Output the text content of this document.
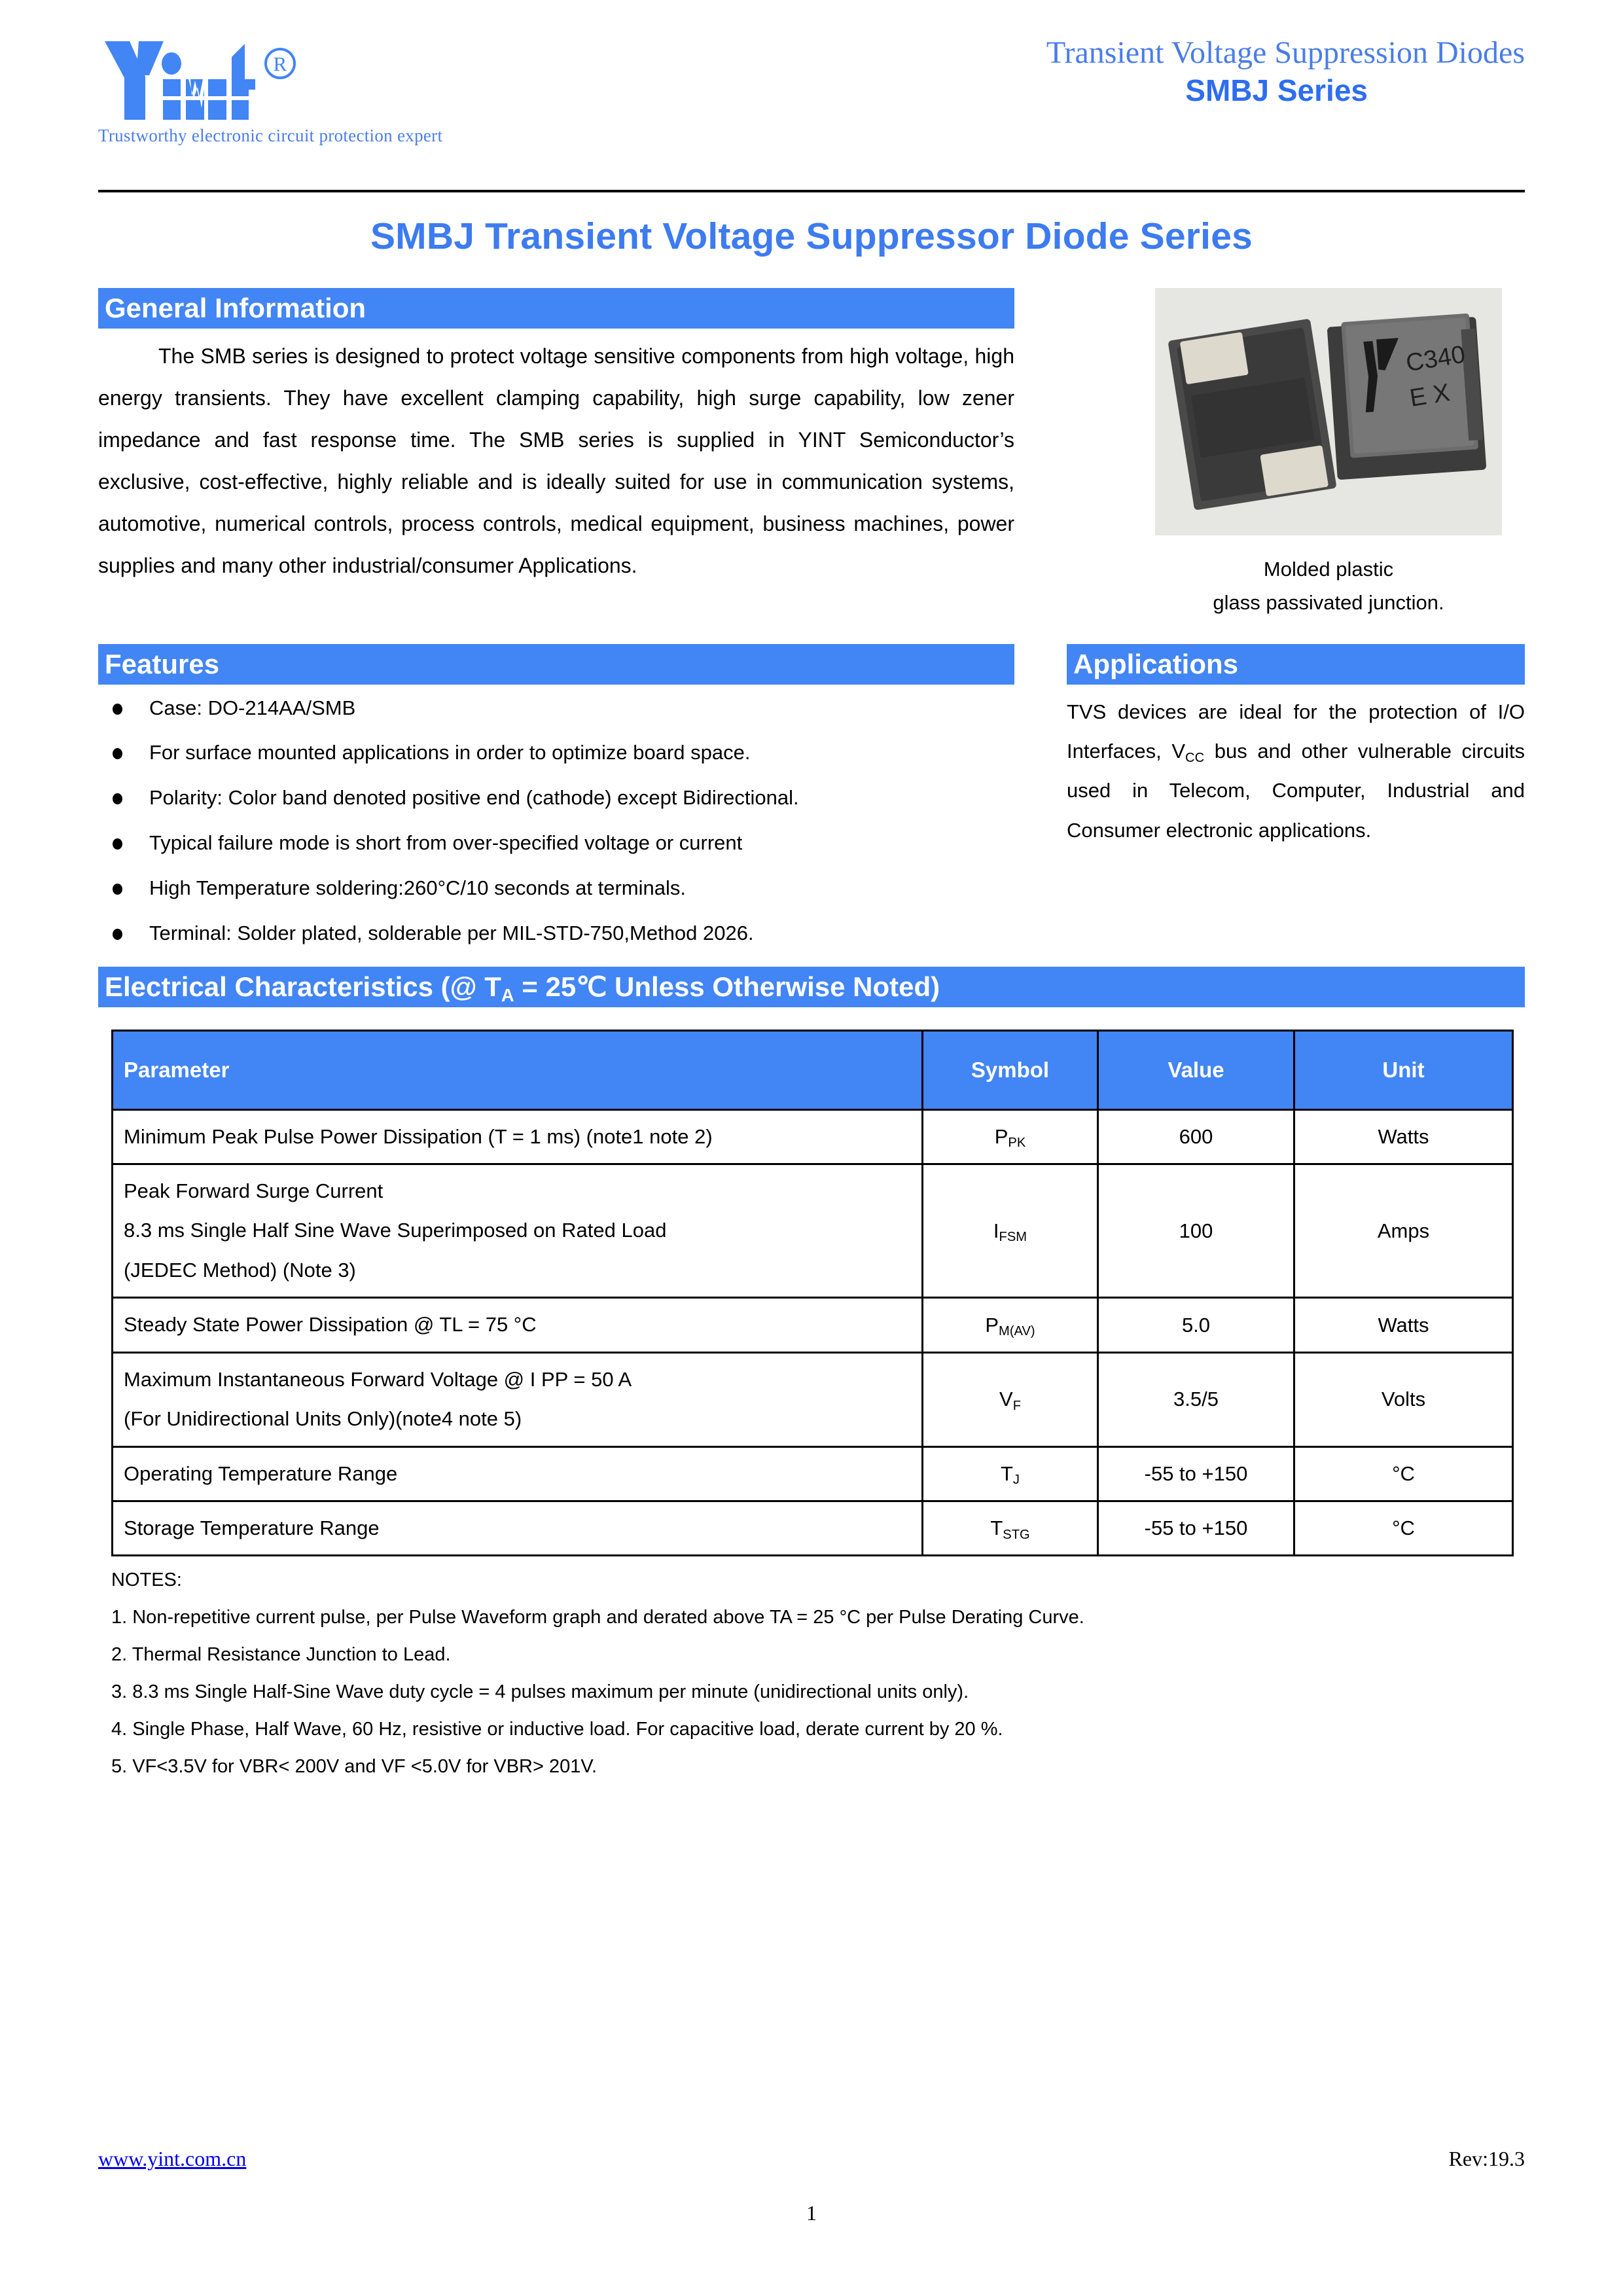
R
Trustworthy electronic circuit protection expert
Transient Voltage Suppression Diodes
SMBJ Series
SMBJ Transient Voltage Suppressor Diode Series
General Information
The SMB series is designed to protect voltage sensitive components from high voltage, high energy transients. They have excellent clamping capability, high surge capability, low zener impedance and fast response time. The SMB series is supplied in YINT Semiconductor’s exclusive, cost-effective, highly reliable and is ideally suited for use in communication systems, automotive, numerical controls, process controls, medical equipment, business machines, power supplies and many other industrial/consumer Applications.
C340
E X
Molded plastic
glass passivated junction.
Features
Case: DO-214AA/SMB
For surface mounted applications in order to optimize board space.
Polarity: Color band denoted positive end (cathode) except Bidirectional.
Typical failure mode is short from over-specified voltage or current
High Temperature soldering:260°C/10 seconds at terminals.
Terminal: Solder plated, solderable per MIL-STD-750,Method 2026.
Applications
TVS devices are ideal for the protection of I/O Interfaces, $V_{CC}$ bus and other vulnerable circuits used in Telecom, Computer, Industrial and Consumer electronic applications.
Electrical Characteristics (@ $T_A$ = 25℃ Unless Otherwise Noted)
Parameter	Symbol	Value	Unit

Minimum Peak Pulse Power Dissipation (T = 1 ms) (note1 note 2)	$P_{PK}$	600	Watts

Peak Forward Surge Current
8.3 ms Single Half Sine Wave Superimposed on Rated Load
(JEDEC Method) (Note 3)	$I_{FSM}$	100	Amps

Steady State Power Dissipation @ TL = 75 °C	$P_{M(AV)}$	5.0	Watts

Maximum Instantaneous Forward Voltage @ I PP = 50 A
(For Unidirectional Units Only)(note4 note 5)	$V_F$	3.5/5	Volts

Operating Temperature Range	$T_J$	-55 to +150	°C

Storage Temperature Range	$T_{STG}$	-55 to +150	°C
NOTES:
1. Non-repetitive current pulse, per Pulse Waveform graph and derated above TA = 25 °C per Pulse Derating Curve.
2. Thermal Resistance Junction to Lead.
3. 8.3 ms Single Half-Sine Wave duty cycle = 4 pulses maximum per minute (unidirectional units only).
4. Single Phase, Half Wave, 60 Hz, resistive or inductive load. For capacitive load, derate current by 20 %.
5. VF<3.5V for VBR< 200V and VF <5.0V for VBR> 201V.
www.yint.com.cn	Rev:19.3
1
